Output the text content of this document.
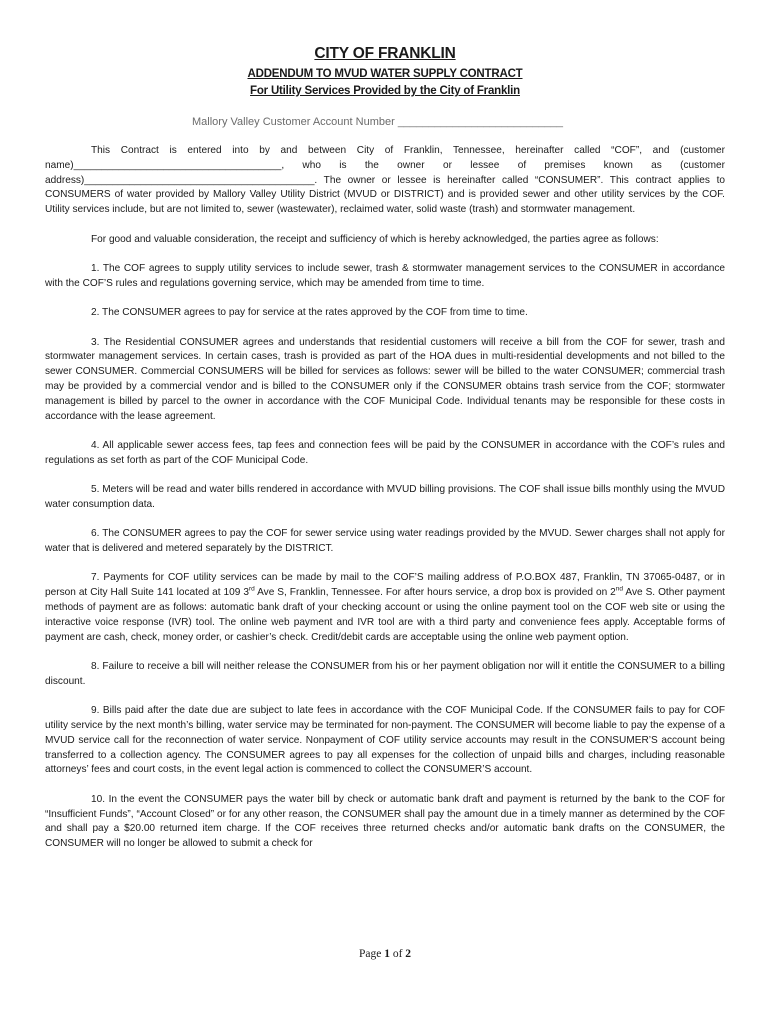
CITY OF FRANKLIN
ADDENDUM TO MVUD WATER SUPPLY CONTRACT
For Utility Services Provided by the City of Franklin
Mallory Valley Customer Account Number ___________________________

This Contract is entered into by and between City of Franklin, Tennessee, hereinafter called “COF”, and (customer name)_____________________________________, who is the owner or lessee of premises known as (customer address)_________________________________________. The owner or lessee is hereinafter called “CONSUMER”. This contract applies to CONSUMERS of water provided by Mallory Valley Utility District (MVUD or DISTRICT) and is provided sewer and other utility services by the COF. Utility services include, but are not limited to, sewer (wastewater), reclaimed water, solid waste (trash) and stormwater management.

For good and valuable consideration, the receipt and sufficiency of which is hereby acknowledged, the parties agree as follows:

1. The COF agrees to supply utility services to include sewer, trash & stormwater management services to the CONSUMER in accordance with the COF’S rules and regulations governing service, which may be amended from time to time.

2. The CONSUMER agrees to pay for service at the rates approved by the COF from time to time.

3. The Residential CONSUMER agrees and understands that residential customers will receive a bill from the COF for sewer, trash and stormwater management services. In certain cases, trash is provided as part of the HOA dues in multi-residential developments and not billed to the sewer CONSUMER. Commercial CONSUMERS will be billed for services as follows: sewer will be billed to the water CONSUMER; commercial trash may be provided by a commercial vendor and is billed to the CONSUMER only if the CONSUMER obtains trash service from the COF; stormwater management is billed by parcel to the owner in accordance with the COF Municipal Code. Individual tenants may be responsible for these costs in accordance with the lease agreement.

4. All applicable sewer access fees, tap fees and connection fees will be paid by the CONSUMER in accordance with the COF’s rules and regulations as set forth as part of the COF Municipal Code.

5. Meters will be read and water bills rendered in accordance with MVUD billing provisions. The COF shall issue bills monthly using the MVUD water consumption data.

6. The CONSUMER agrees to pay the COF for sewer service using water readings provided by the MVUD. Sewer charges shall not apply for water that is delivered and metered separately by the DISTRICT.

7. Payments for COF utility services can be made by mail to the COF’S mailing address of P.O.BOX 487, Franklin, TN 37065-0487, or in person at City Hall Suite 141 located at 109 3rd Ave S, Franklin, Tennessee. For after hours service, a drop box is provided on 2nd Ave S. Other payment methods of payment are as follows: automatic bank draft of your checking account or using the online payment tool on the COF web site or using the interactive voice response (IVR) tool. The online web payment and IVR tool are with a third party and convenience fees apply. Acceptable forms of payment are cash, check, money order, or cashier’s check. Credit/debit cards are acceptable using the online web payment option.

8. Failure to receive a bill will neither release the CONSUMER from his or her payment obligation nor will it entitle the CONSUMER to a billing discount.

9. Bills paid after the date due are subject to late fees in accordance with the COF Municipal Code. If the CONSUMER fails to pay for COF utility service by the next month’s billing, water service may be terminated for non-payment. The CONSUMER will become liable to pay the expense of a MVUD service call for the reconnection of water service. Nonpayment of COF utility service accounts may result in the CONSUMER’S account being transferred to a collection agency. The CONSUMER agrees to pay all expenses for the collection of unpaid bills and charges, including reasonable attorneys’ fees and court costs, in the event legal action is commenced to collect the CONSUMER’S account.

10. In the event the CONSUMER pays the water bill by check or automatic bank draft and payment is returned by the bank to the COF for “Insufficient Funds”, “Account Closed” or for any other reason, the CONSUMER shall pay the amount due in a timely manner as determined by the COF and shall pay a $20.00 returned item charge. If the COF receives three returned checks and/or automatic bank drafts on the CONSUMER, the CONSUMER will no longer be allowed to submit a check for

Page 1 of 2
